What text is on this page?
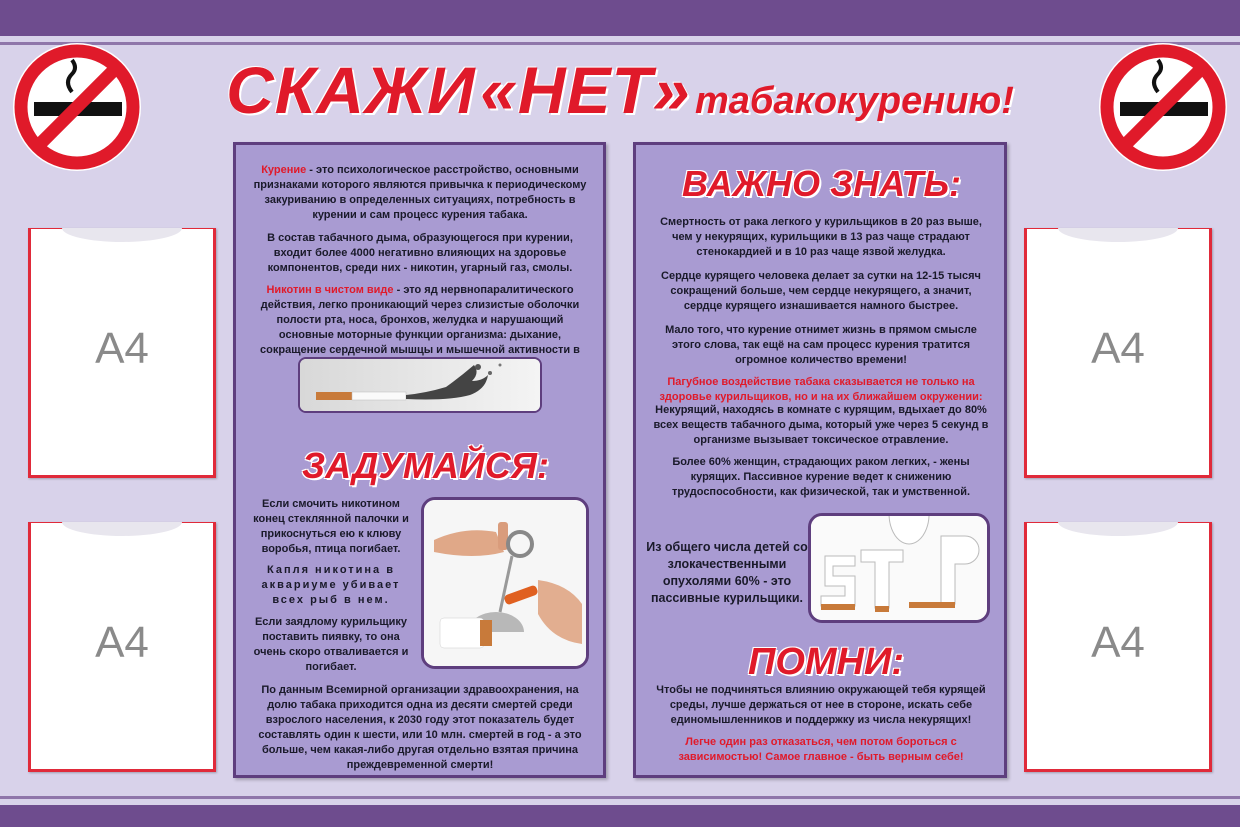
СКАЖИ «НЕТ» табакокурению!
А4
А4
А4
А4
Курение - это психологическое расстройство, основными признаками которого являются привычка к периодическому закуриванию в определенных ситуациях, потребность в курении и сам процесс курения табака.
В состав табачного дыма, образующегося при курении, входит более 4000 негативно влияющих на здоровье компонентов, среди них - никотин, угарный газ, смолы.
Никотин в чистом виде - это яд нервнопаралитического действия, легко проникающий через слизистые оболочки полости рта, носа, бронхов, желудка и нарушающий основные моторные функции организма: дыхание, сокращение сердечной мышцы и мышечной активности в
ЗАДУМАЙСЯ:
Если смочить никотином конец стеклянной палочки и прикоснуться ею к клюву воробья, птица погибает.
Капля никотина в аквариуме убивает всех рыб в нем.
Если заядлому курильщику поставить пиявку, то она очень скоро отваливается и погибает.
По данным Всемирной организации здравоохранения, на долю табака приходится одна из десяти смертей среди взрослого населения, к 2030 году этот показатель будет составлять один к шести, или 10 млн. смертей в год - а это больше, чем какая-либо другая отдельно взятая причина преждевременной смерти!
ВАЖНО ЗНАТЬ:
Смертность от рака легкого у курильщиков в 20 раз выше, чем у некурящих, курильщики в 13 раз чаще страдают стенокардией и в 10 раз чаще язвой желудка.
Сердце курящего человека делает за сутки на 12-15 тысяч сокращений больше, чем сердце некурящего, а значит, сердце курящего изнашивается намного быстрее.
Мало того, что курение отнимет жизнь в прямом смысле этого слова, так ещё на сам процесс курения тратится огромное количество времени!
Пагубное воздействие табака сказывается не только на здоровье курильщиков, но и на их ближайшем окружении:
Некурящий, находясь в комнате с курящим, вдыхает до 80% всех веществ табачного дыма, который уже через 5 секунд в организме вызывает токсическое отравление.
Более 60% женщин, страдающих раком легких, - жены курящих. Пассивное курение ведет к снижению трудоспособности, как физической, так и умственной.
Из общего числа детей со злокачественными опухолями 60% - это пассивные курильщики.
ПОМНИ:
Чтобы не подчиняться влиянию окружающей тебя курящей среды, лучше держаться от нее в стороне, искать себе единомышленников и поддержку из числа некурящих!
Легче один раз отказаться, чем потом бороться с зависимостью! Самое главное - быть верным себе!
